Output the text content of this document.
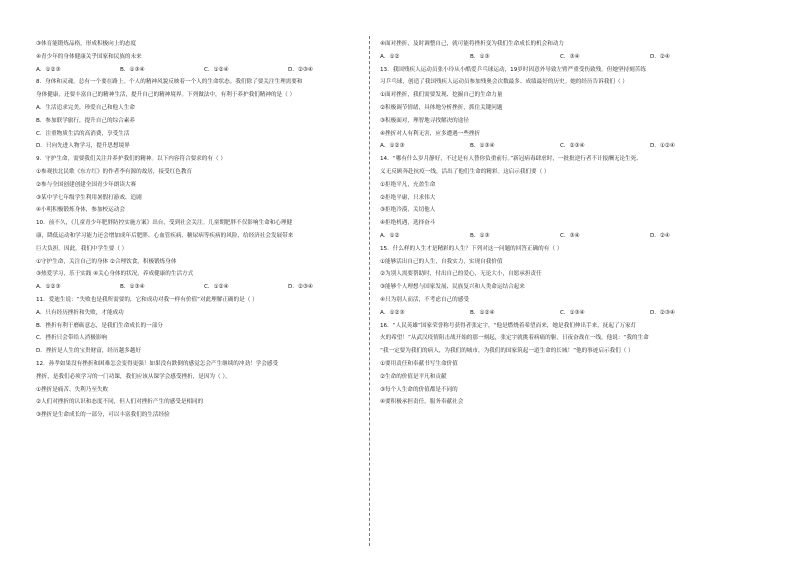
③体育能锻炼品格，形成积极向上的态度
④青少年的身体健康关乎国家和民族的未来
A．①②③	B．①③④	C．①②④	D．②③④
8．身体和灵魂，总有一个要在路上。个人的精神风貌反映着一个人的生命状态。我们除了要关注生理需要和
身体健康，还要丰富自己的精神生活，提升自己的精神境界。下列做法中，有利于养护我们精神的是（ ）
A．生活追求完美，珍爱自己和他人生命
B．参加联学旅行，提升自己的综合素养
C．注重物质生活的高消费，享受生活
D．只向先进人物学习，提升思想境界
9．守护生命，需要我们关注并养护我们的精神。以下内容符合要求的有（ ）
①参观扶北民歌《东方红》的作者李有源的故居，接受红色教育
②参与全国创建创建全国青少年朗读大赛
③某中学七年级学生利用暑假打游戏、追剧
④小明积极锻炼身体，参加校运动会
10．前不久，《儿童青少年肥胖防控实施方案》出台，受到社会关注。儿童期肥胖不仅影响生命和心理健
康，降低运动和学习能力还会增加成年后肥胖、心血管疾病、糖尿病等疾病的风险，给经济社会发展带来
巨大负担。因此，我们中学生要（ ）
①守护生命，关注自己的身体 ②合理饮食，积极锻炼身体
③热爱学习，乐于实践 ④关心身体的状况，养成健康的生活方式
A．①②③	B．①③④	C．①②④	D．②③④
11．爱迪生说：“失败也是我所需要的，它和成功对我一样有价值”对此理解正确的是（ ）
A．只有经历挫折和失败，才能成功
B．挫折有利于磨砺意志，是我们生命成长的一部分
C．挫折只会带给人消极影响
D．挫折是人生的宝贵财富，经历越多越好
12．孙孝如果没有挫折和困难怎会变得更强！如果没有跌倒的感觉怎会产生继续的冲劲！学会感受
挫折，是我们必须学习的一门功课，我们应该从课学会感受挫折，是因为（ ）。
①挫折是痛苦、失利乃至失败
②人们对挫折的认识和态度不同，但人们对挫折产生的感受是相同的
③挫折是生命成长的一部分，可以丰富我们的生活经验
④面对挫折，及时调整自己，就可能将挫折变为我们生命成长的机会和动力
A．①②	B．①③	C．③④	D．②④
13．我国残疾人运动员张小玲从小酷爱乒乓球运动，19岁时因意外导致左臂严重受伤致残。但她坚持刻苦练
习乒乓球，创造了我国残疾人运动员参加残奥会次数最多、成绩最好的历史。她的经历告诉我们（ ）
①面对挫折，我们需要发现、挖掘自己的生命力量
②积极调节情绪，具体地分析挫折，抓住关键问题
③积极面对，理智地寻找解决的途径
④挫折对人有利无害，应多遭遇一些挫折
A．①②③	B．①③④	C．②③④	D．①②④
14．“哪有什么岁月静好，不过是有人替你负重前行。”新冠病毒肆虐时，一批批逆行者不计报酬无论生死、
义无反顾奔赴抗疫一线，活出了他们生命的精彩。这启示我们要（ ）
①拒绝平凡，充盈生命
②拒绝平庸，只求伟大
③拒绝冷漠，关切他人
④拒绝机遇，选择奋斗
A．①②	B．①③	C．③④	D．②④
15．什么样的人生才是精彩的人生？下列对这一问题的回答正确的有（ ）
①能够活出自己的人生，自我实力，实现自我价值
②为别人需要帮助时，付出自己的爱心，无论大小，自愿承担责任
③能够个人理想与国家发展、民族复兴和人类命运结合起来
④只为别人而活，不考虑自己的感受
A．①②③	B．①②④	C．①③④	D．②③④
16．“人民英雄”国家荣誉称号获得者张定宇，“他是燃烧着希望而来，她是我们伸出手来，抚起了万家灯
火的希望！”从武汉疫情阻击战开始的那一刻起，张定宇就挑着病痛的躯，日夜奋战在一线，他说：“我的生命
“我一定要为我们的病人，为我们的城市，为我们的国家筑起一道生命的长城！”他的事迹启示我们（ ）
①要用责任和奉献书写生命价值
②生命的价值是平凡和贡献
③每个人生命的价值都是不同的
④要积极承担责任，服务奉献社会
